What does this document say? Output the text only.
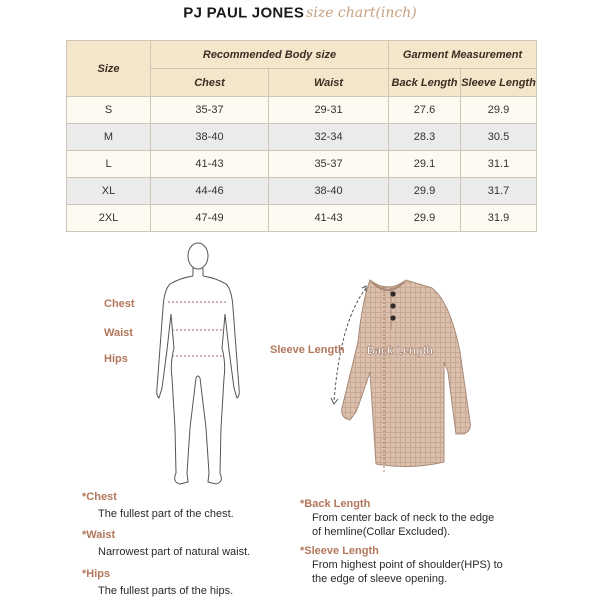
PJ PAUL JONES size chart(inch)
Size	Recommended Body size		Garment Measurement	
	Chest	Waist	Back Length	Sleeve Length
S	35-37	29-31	27.6	29.9
M	38-40	32-34	28.3	30.5
L	41-43	35-37	29.1	31.1
XL	44-46	38-40	29.9	31.7
2XL	47-49	41-43	29.9	31.9
Chest
Waist
Hips
Sleeve Length Back Length
*Chest
The fullest part of the chest.
*Waist
Narrowest part of natural waist.
*Hips
The fullest parts of the hips.
*Back Length
From center back of neck to the edge
of hemline(Collar Excluded).
*Sleeve Length
From highest point of shoulder(HPS) to
the edge of sleeve opening.
